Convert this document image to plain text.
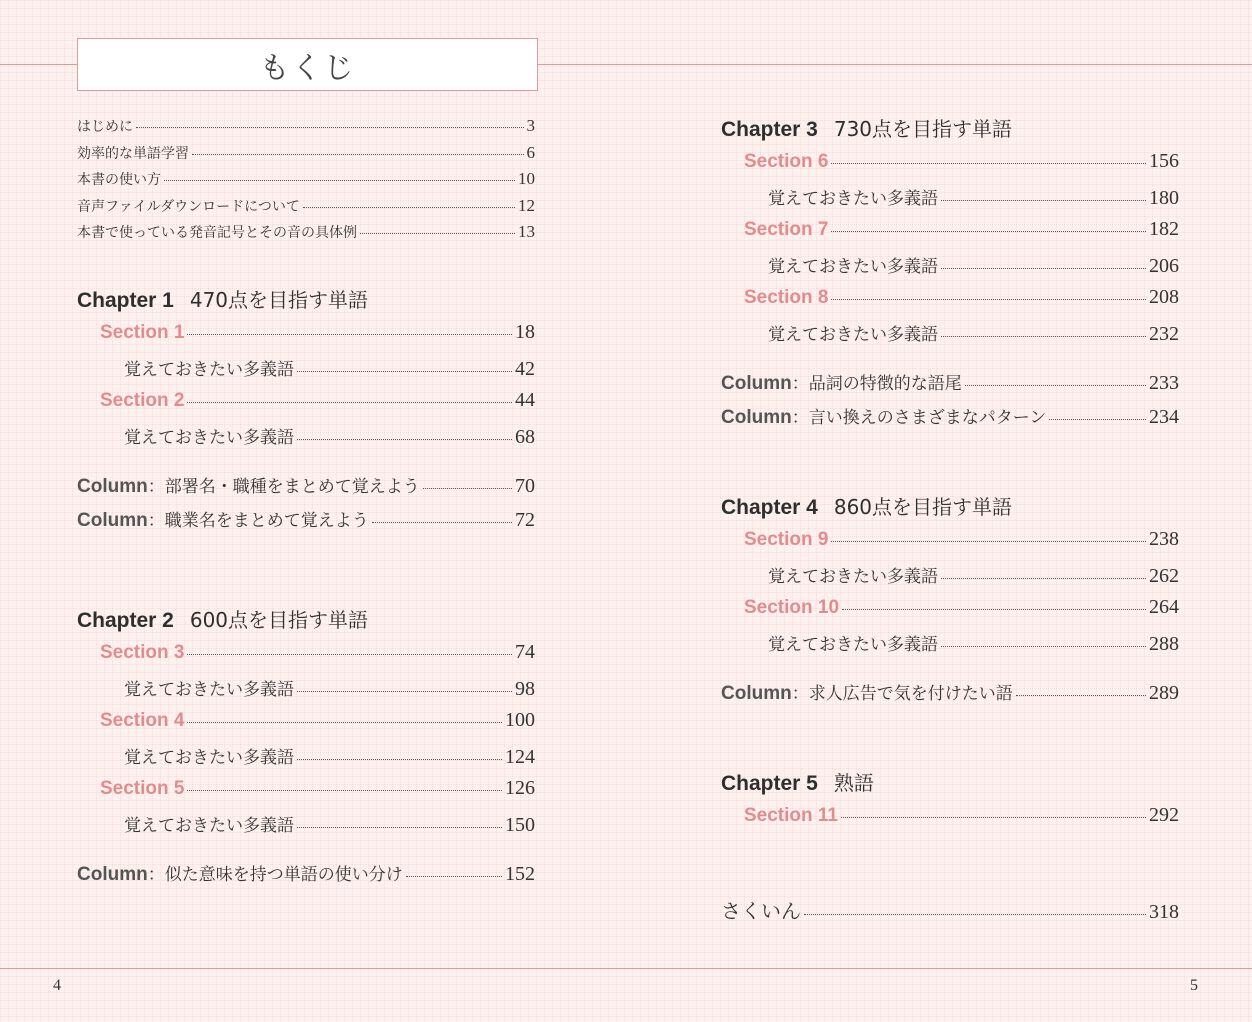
もくじ
はじめに	3
効率的な単語学習	6
本書の使い方	10
音声ファイルダウンロードについて	12
本書で使っている発音記号とその音の具体例	13
Chapter 1 470点を目指す単語
Section 1	18
覚えておきたい多義語	42
Section 2	44
覚えておきたい多義語	68
Column ：部署名・職種をまとめて覚えよう	70
Column ：職業名をまとめて覚えよう	72
Chapter 2 600点を目指す単語
Section 3	74
覚えておきたい多義語	98
Section 4	100
覚えておきたい多義語	124
Section 5	126
覚えておきたい多義語	150
Column ：似た意味を持つ単語の使い分け	152
Chapter 3 730点を目指す単語
Section 6	156
覚えておきたい多義語	180
Section 7	182
覚えておきたい多義語	206
Section 8	208
覚えておきたい多義語	232
Column ：品詞の特徴的な語尾	233
Column ：言い換えのさまざまなパターン	234
Chapter 4 860点を目指す単語
Section 9	238
覚えておきたい多義語	262
Section 10	264
覚えておきたい多義語	288
Column ：求人広告で気を付けたい語	289
Chapter 5 熟語
Section 11	292
さくいん	318
4	5
